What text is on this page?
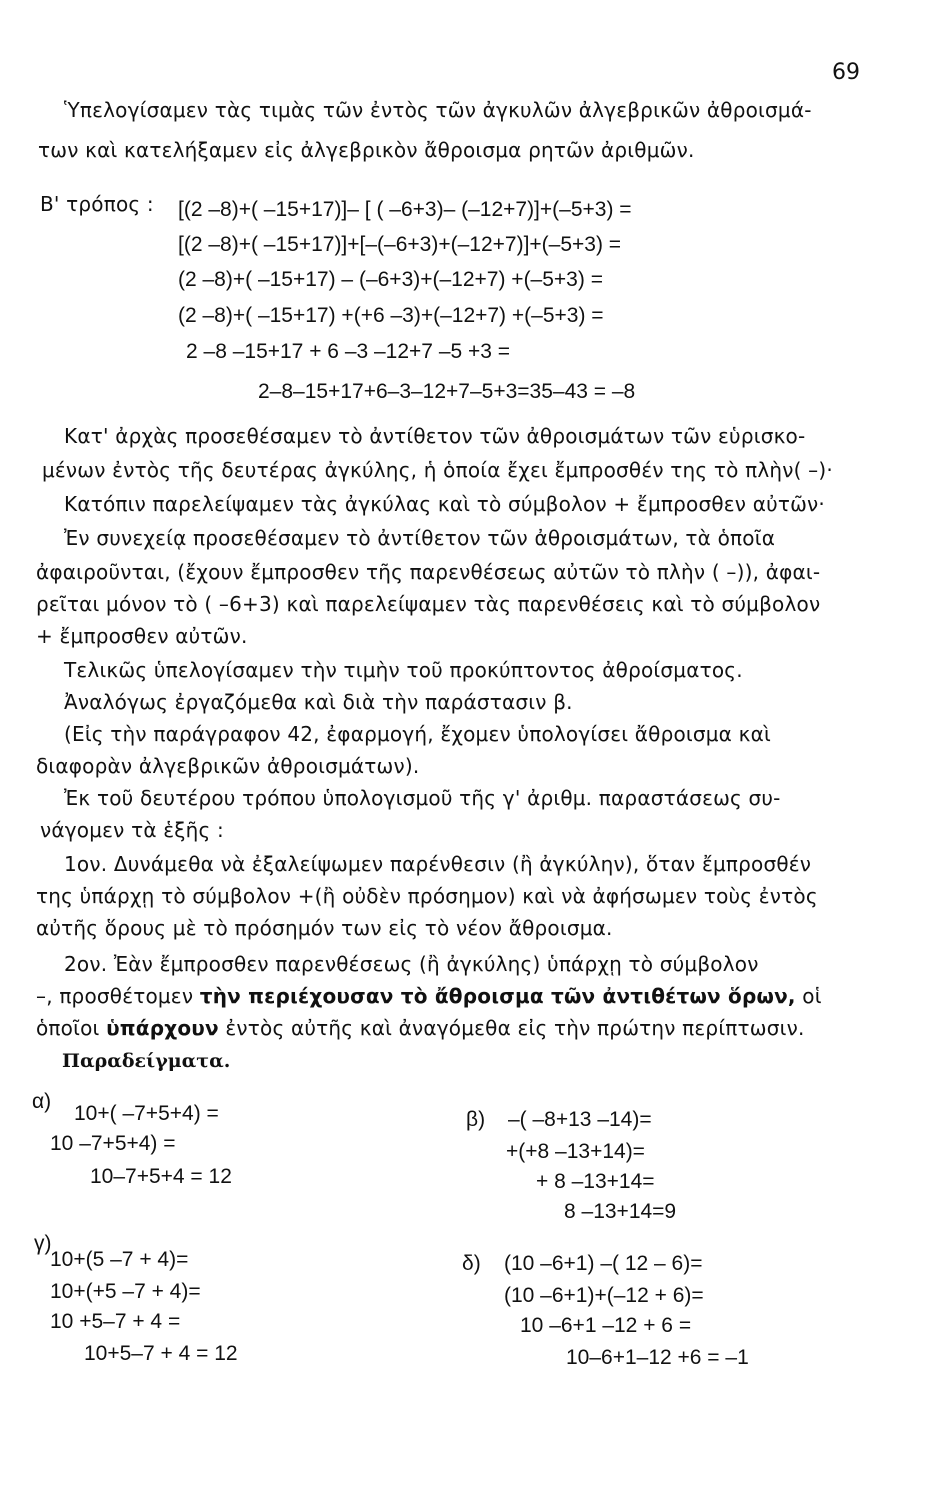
69
Ὑπελογίσαμεν τὰς τιμὰς τῶν ἐντὸς τῶν ἀγκυλῶν ἀλγεβρικῶν ἀθροισμά-
των καὶ κατελήξαμεν εἰς ἀλγεβρικὸν ἄθροισμα ρητῶν ἀριθμῶν.
Β' τρόπος : [(2 –8)+( –15+17)]– [ ( –6+3)– (–12+7)]+(–5+3) =
[(2 –8)+( –15+17)]+[–(–6+3)+(–12+7)]+(–5+3) =
(2 –8)+( –15+17) – (–6+3)+(–12+7) +(–5+3) =
(2 –8)+( –15+17) +(+6 –3)+(–12+7) +(–5+3) =
2 –8 –15+17 + 6 –3 –12+7 –5 +3 =
2–8–15+17+6–3–12+7–5+3=35–43 = –8
Κατ' ἀρχὰς προσεθέσαμεν τὸ ἀντίθετον τῶν ἀθροισμάτων τῶν εὑρισκο-
μένων ἐντὸς τῆς δευτέρας ἀγκύλης, ἡ ὁποία ἔχει ἔμπροσθέν της τὸ πλὴν( –)·
Κατόπιν παρελείψαμεν τὰς ἀγκύλας καὶ τὸ σύμβολον + ἔμπροσθεν αὐτῶν·
Ἐν συνεχείᾳ προσεθέσαμεν τὸ ἀντίθετον τῶν ἀθροισμάτων, τὰ ὁποῖα
ἀφαιροῦνται, (ἔχουν ἔμπροσθεν τῆς παρενθέσεως αὐτῶν τὸ πλὴν ( –)), ἀφαι-
ρεῖται μόνον τὸ ( –6+3) καὶ παρελείψαμεν τὰς παρενθέσεις καὶ τὸ σύμβολον
+ ἔμπροσθεν αὐτῶν.
Τελικῶς ὑπελογίσαμεν τὴν τιμὴν τοῦ προκύπτοντος ἀθροίσματος.
Ἀναλόγως ἐργαζόμεθα καὶ διὰ τὴν παράστασιν β.
(Εἰς τὴν παράγραφον 42, ἐφαρμογή, ἔχομεν ὑπολογίσει ἄθροισμα καὶ
διαφορὰν ἀλγεβρικῶν ἀθροισμάτων).
Ἐκ τοῦ δευτέρου τρόπου ὑπολογισμοῦ τῆς γ' ἀριθμ. παραστάσεως συ-
νάγομεν τὰ ἑξῆς :
1ον. Δυνάμεθα νὰ ἐξαλείψωμεν παρένθεσιν (ἢ ἀγκύλην), ὅταν ἔμπροσθέν
της ὑπάρχῃ τὸ σύμβολον +(ἢ οὐδὲν πρόσημον) καὶ νὰ ἀφήσωμεν τοὺς ἐντὸς
αὐτῆς ὅρους μὲ τὸ πρόσημόν των εἰς τὸ νέον ἄθροισμα.
2ον. Ἐὰν ἔμπροσθεν παρενθέσεως (ἢ ἀγκύλης) ὑπάρχῃ τὸ σύμβολον
–, προσθέτομεν τὴν περιέχουσαν τὸ ἄθροισμα τῶν ἀντιθέτων ὅρων, οἱ
ὁποῖοι ὑπάρχουν ἐντὸς αὐτῆς καὶ ἀναγόμεθα εἰς τὴν πρώτην περίπτωσιν.
Παραδείγματα.
α)
10+( –7+5+4) =
10 –7+5+4) =
10–7+5+4 = 12
β) –( –8+13 –14)=
+(+8 –13+14)=
+ 8 –13+14=
8 –13+14=9
γ)
10+(5 –7 + 4)=
10+(+5 –7 + 4)=
10 +5–7 + 4 =
10+5–7 + 4 = 12
δ) (10 –6+1) –( 12 – 6)=
(10 –6+1)+(–12 + 6)=
10 –6+1 –12 + 6 =
10–6+1–12 +6 = –1
